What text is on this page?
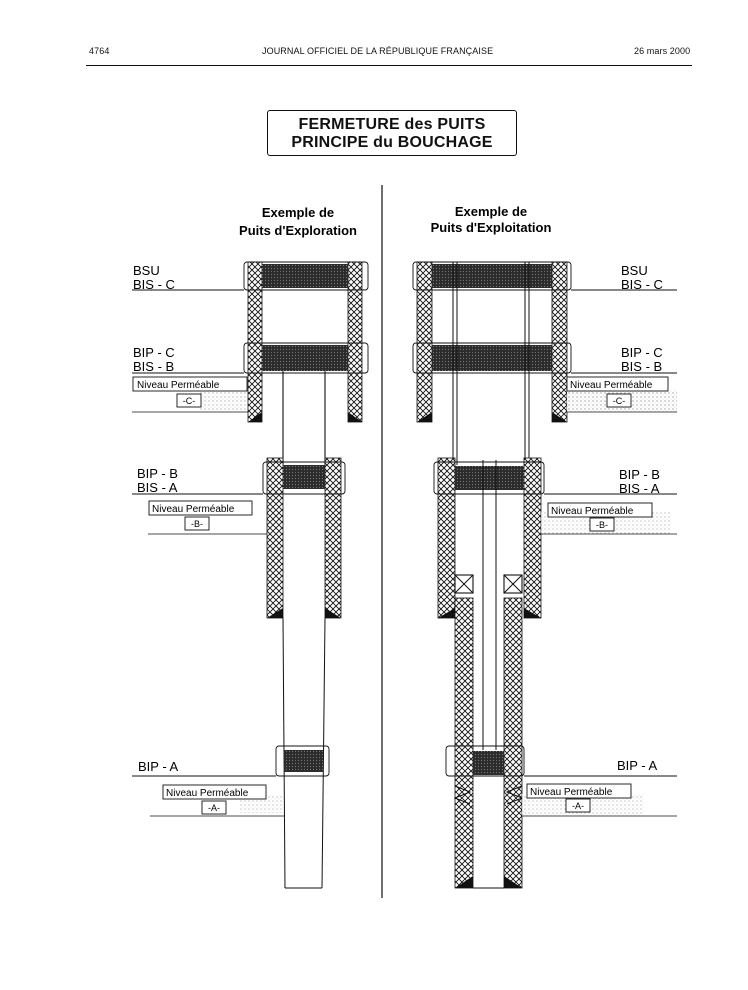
4764	JOURNAL OFFICIEL DE LA RÉPUBLIQUE FRANÇAISE	26 mars 2000
FERMETURE des PUITS
PRINCIPE du BOUCHAGE
Exemple de
Puits d'Exploration
Exemple de
Puits d'Exploitation
BSU
BIS - C
BIP - C
BIS - B
Niveau Perméable
-C-
BIP - B
BIS - A
Niveau Perméable
-B-
BIP - A
Niveau Perméable
-A-
BSU
BIS - C
BIP - C
BIS - B
Niveau Perméable
-C-
BIP - B
BIS - A
Niveau Perméable
-B-
BIP - A
Niveau Perméable
-A-
